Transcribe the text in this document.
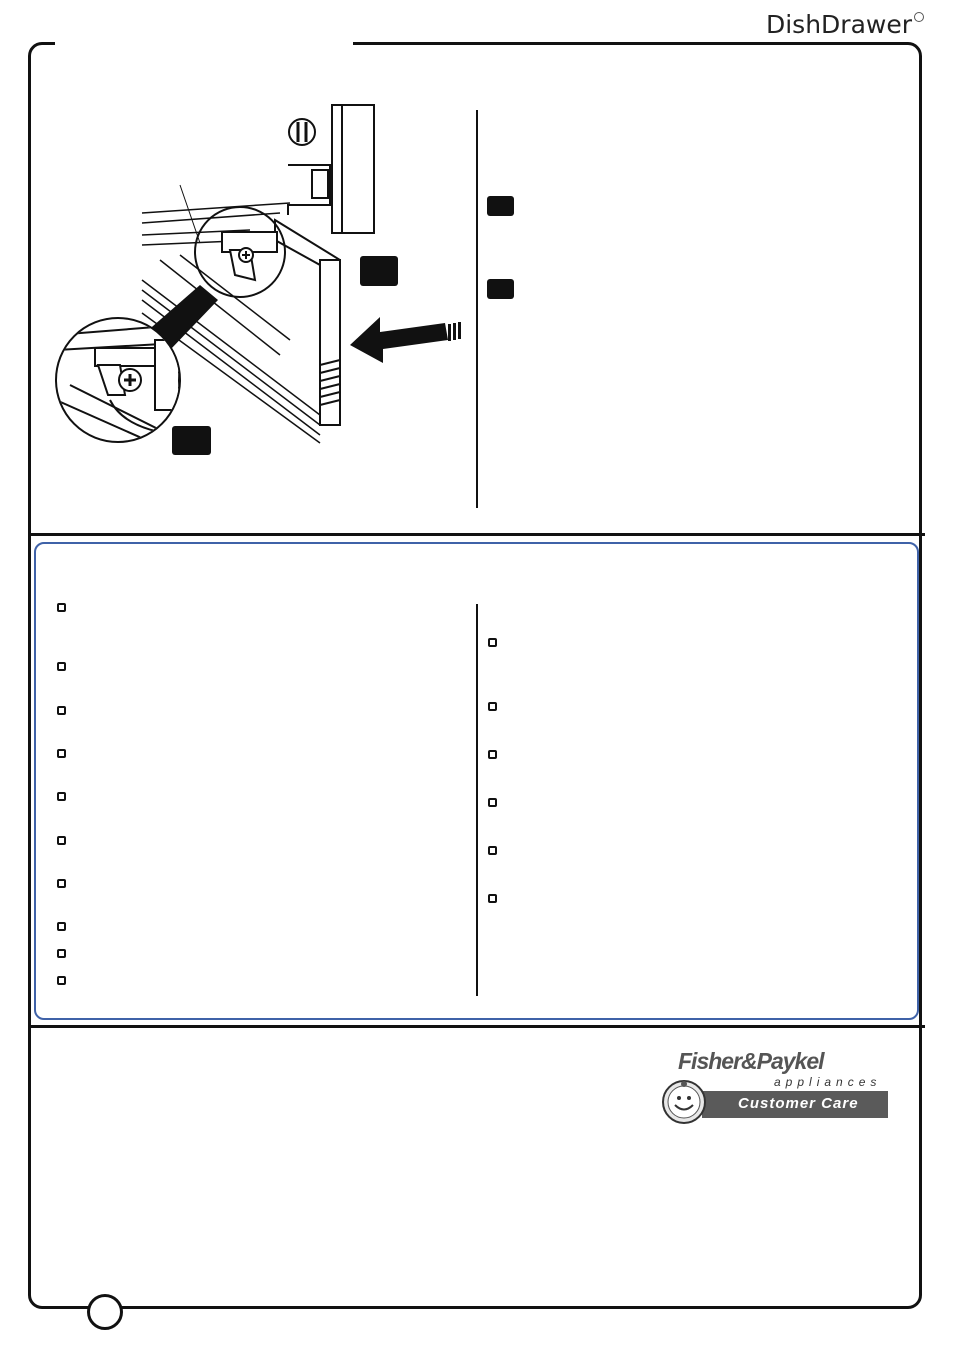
DishDrawer
Fisher&Paykel
appliances
Customer Care
